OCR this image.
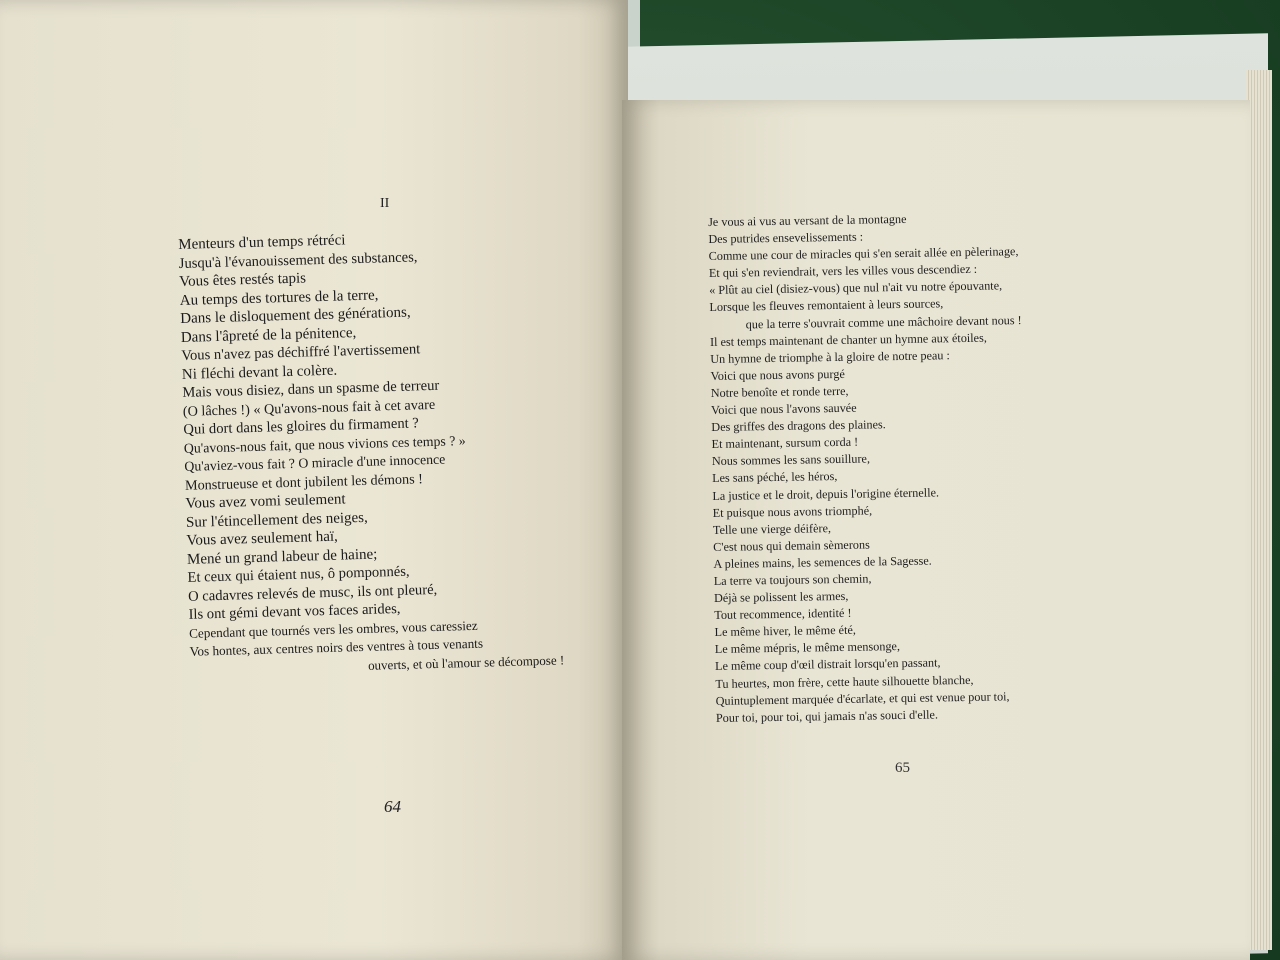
II
Menteurs d'un temps rétréci
Jusqu'à l'évanouissement des substances,
Vous êtes restés tapis
Au temps des tortures de la terre,
Dans le disloquement des générations,
Dans l'âpreté de la pénitence,
Vous n'avez pas déchiffré l'avertissement
Ni fléchi devant la colère.
Mais vous disiez, dans un spasme de terreur
(O lâches !) « Qu'avons-nous fait à cet avare
Qui dort dans les gloires du firmament ?
Qu'avons-nous fait, que nous vivions ces temps ? »
Qu'aviez-vous fait ? O miracle d'une innocence
Monstrueuse et dont jubilent les démons !
Vous avez vomi seulement
Sur l'étincellement des neiges,
Vous avez seulement haï,
Mené un grand labeur de haine;
Et ceux qui étaient nus, ô pomponnés,
O cadavres relevés de musc, ils ont pleuré,
Ils ont gémi devant vos faces arides,
Cependant que tournés vers les ombres, vous caressiez
Vos hontes, aux centres noirs des ventres à tous venants
ouverts, et où l'amour se décompose !
64
Je vous ai vus au versant de la montagne
Des putrides ensevelissements :
Comme une cour de miracles qui s'en serait allée en pèlerinage,
Et qui s'en reviendrait, vers les villes vous descendiez :
« Plût au ciel (disiez-vous) que nul n'ait vu notre épouvante,
Lorsque les fleuves remontaient à leurs sources,
que la terre s'ouvrait comme une mâchoire devant nous !
Il est temps maintenant de chanter un hymne aux étoiles,
Un hymne de triomphe à la gloire de notre peau :
Voici que nous avons purgé
Notre benoîte et ronde terre,
Voici que nous l'avons sauvée
Des griffes des dragons des plaines.
Et maintenant, sursum corda !
Nous sommes les sans souillure,
Les sans péché, les héros,
La justice et le droit, depuis l'origine éternelle.
Et puisque nous avons triomphé,
Telle une vierge déifère,
C'est nous qui demain sèmerons
A pleines mains, les semences de la Sagesse.
La terre va toujours son chemin,
Déjà se polissent les armes,
Tout recommence, identité !
Le même hiver, le même été,
Le même mépris, le même mensonge,
Le même coup d'œil distrait lorsqu'en passant,
Tu heurtes, mon frère, cette haute silhouette blanche,
Quintuplement marquée d'écarlate, et qui est venue pour toi,
Pour toi, pour toi, qui jamais n'as souci d'elle.
65
